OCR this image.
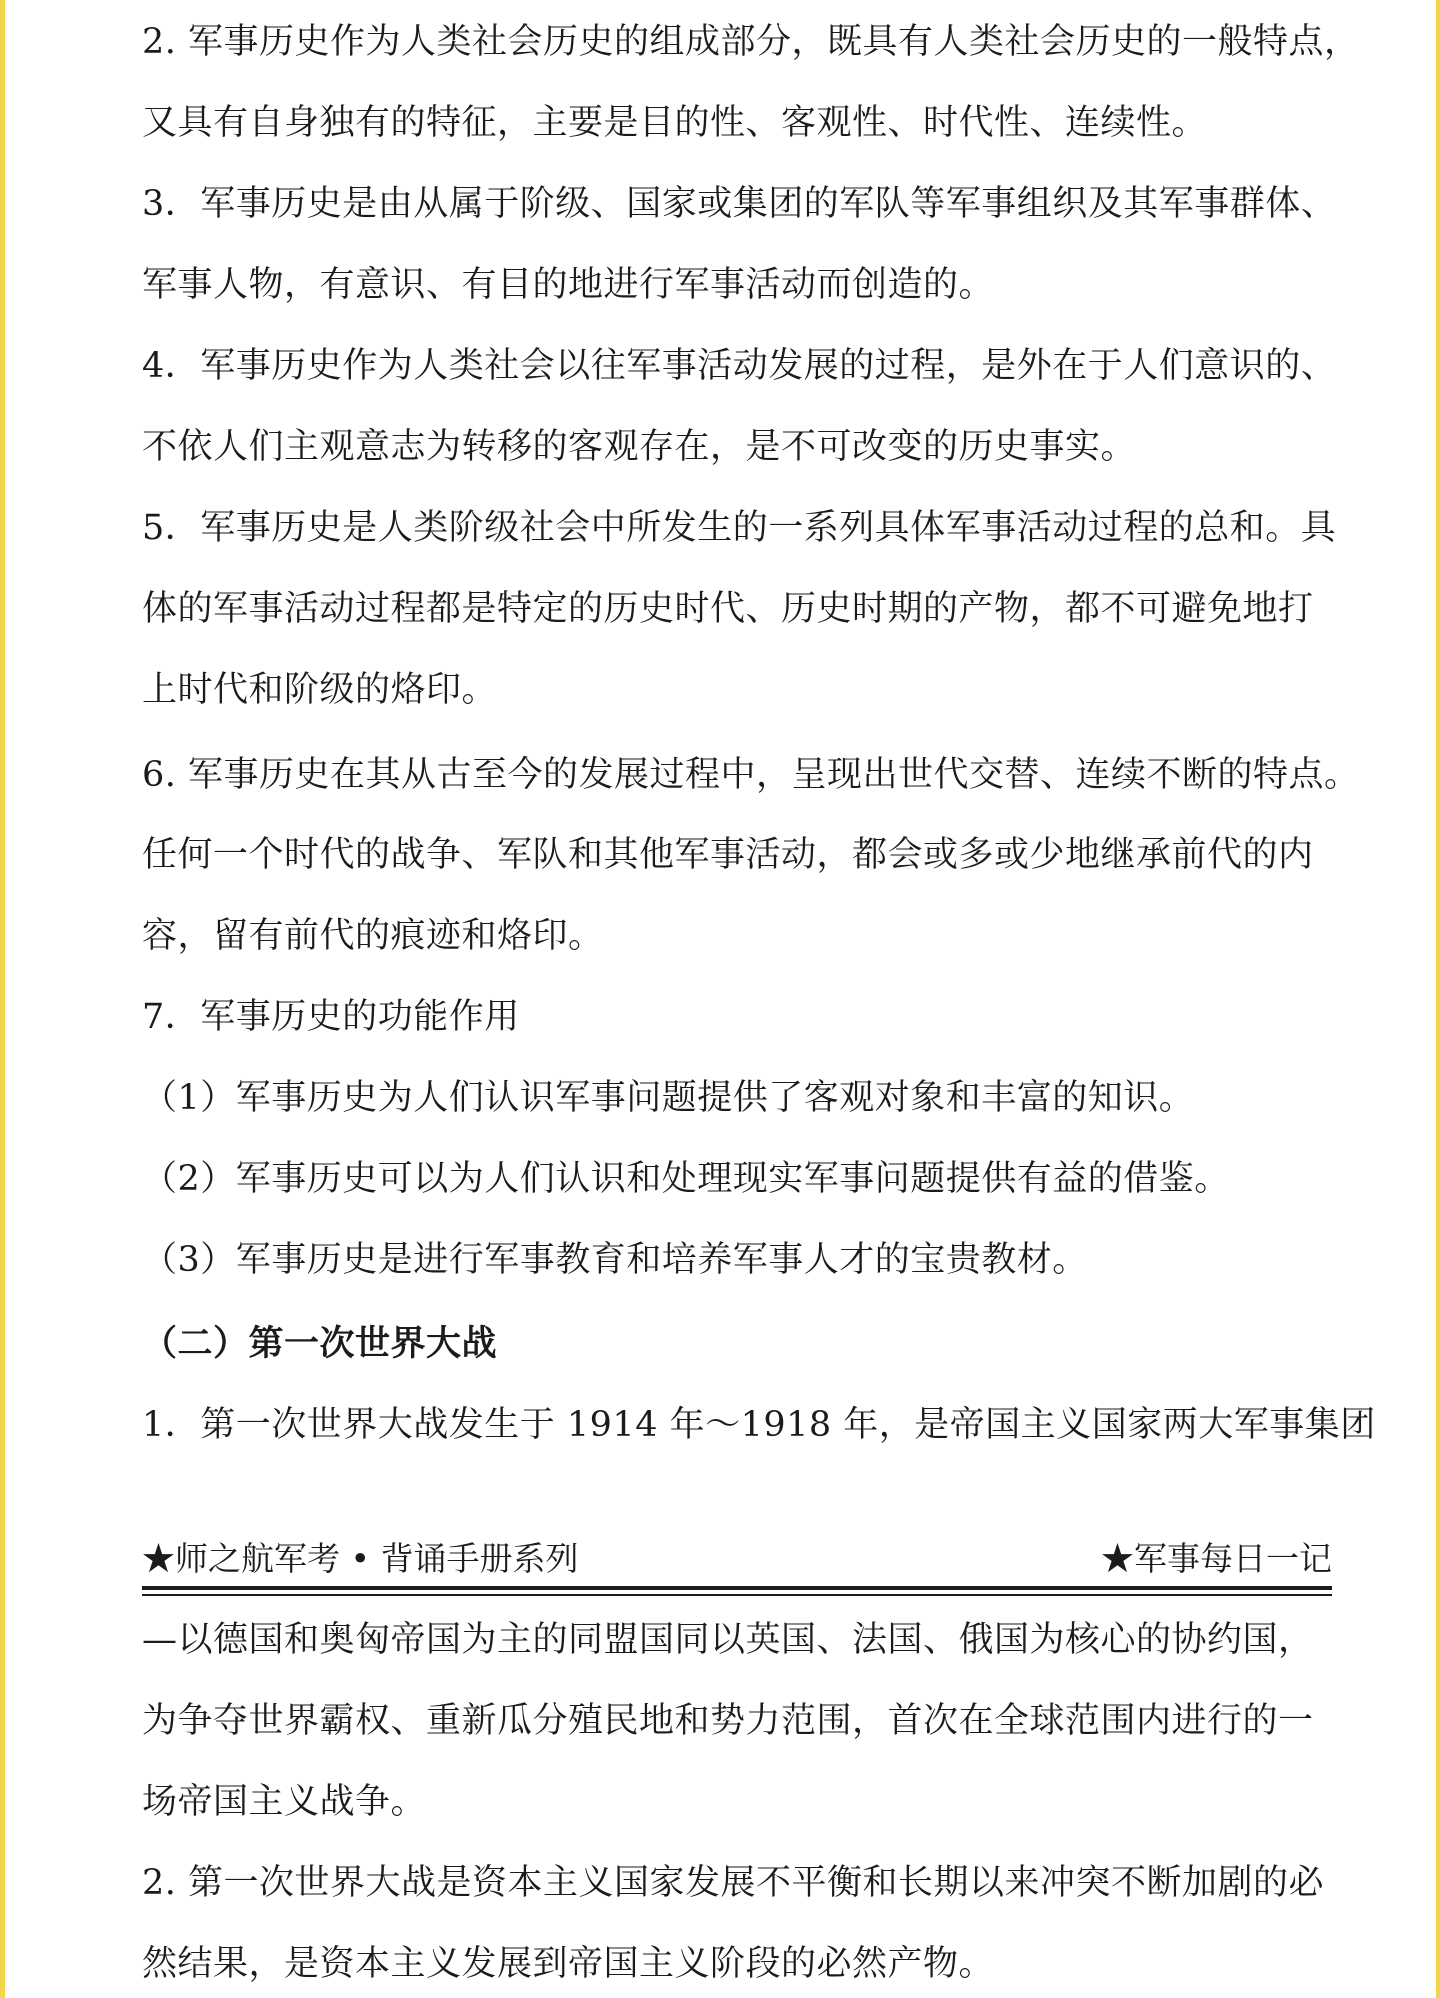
2. 军事历史作为人类社会历史的组成部分，既具有人类社会历史的一般特点，
又具有自身独有的特征，主要是目的性、客观性、时代性、连续性。
3．军事历史是由从属于阶级、国家或集团的军队等军事组织及其军事群体、
军事人物，有意识、有目的地进行军事活动而创造的。
4．军事历史作为人类社会以往军事活动发展的过程，是外在于人们意识的、
不依人们主观意志为转移的客观存在，是不可改变的历史事实。
5．军事历史是人类阶级社会中所发生的一系列具体军事活动过程的总和。具
体的军事活动过程都是特定的历史时代、历史时期的产物，都不可避免地打
上时代和阶级的烙印。
6. 军事历史在其从古至今的发展过程中，呈现出世代交替、连续不断的特点。
任何一个时代的战争、军队和其他军事活动，都会或多或少地继承前代的内
容，留有前代的痕迹和烙印。
7．军事历史的功能作用
（1）军事历史为人们认识军事问题提供了客观对象和丰富的知识。
（2）军事历史可以为人们认识和处理现实军事问题提供有益的借鉴。
（3）军事历史是进行军事教育和培养军事人才的宝贵教材。
（二）第一次世界大战
1．第一次世界大战发生于 1914 年～1918 年，是帝国主义国家两大军事集团
★师之航军考 • 背诵手册系列	★军事每日一记
—以德国和奥匈帝国为主的同盟国同以英国、法国、俄国为核心的协约国，
为争夺世界霸权、重新瓜分殖民地和势力范围，首次在全球范围内进行的一
场帝国主义战争。
2. 第一次世界大战是资本主义国家发展不平衡和长期以来冲突不断加剧的必
然结果，是资本主义发展到帝国主义阶段的必然产物。
